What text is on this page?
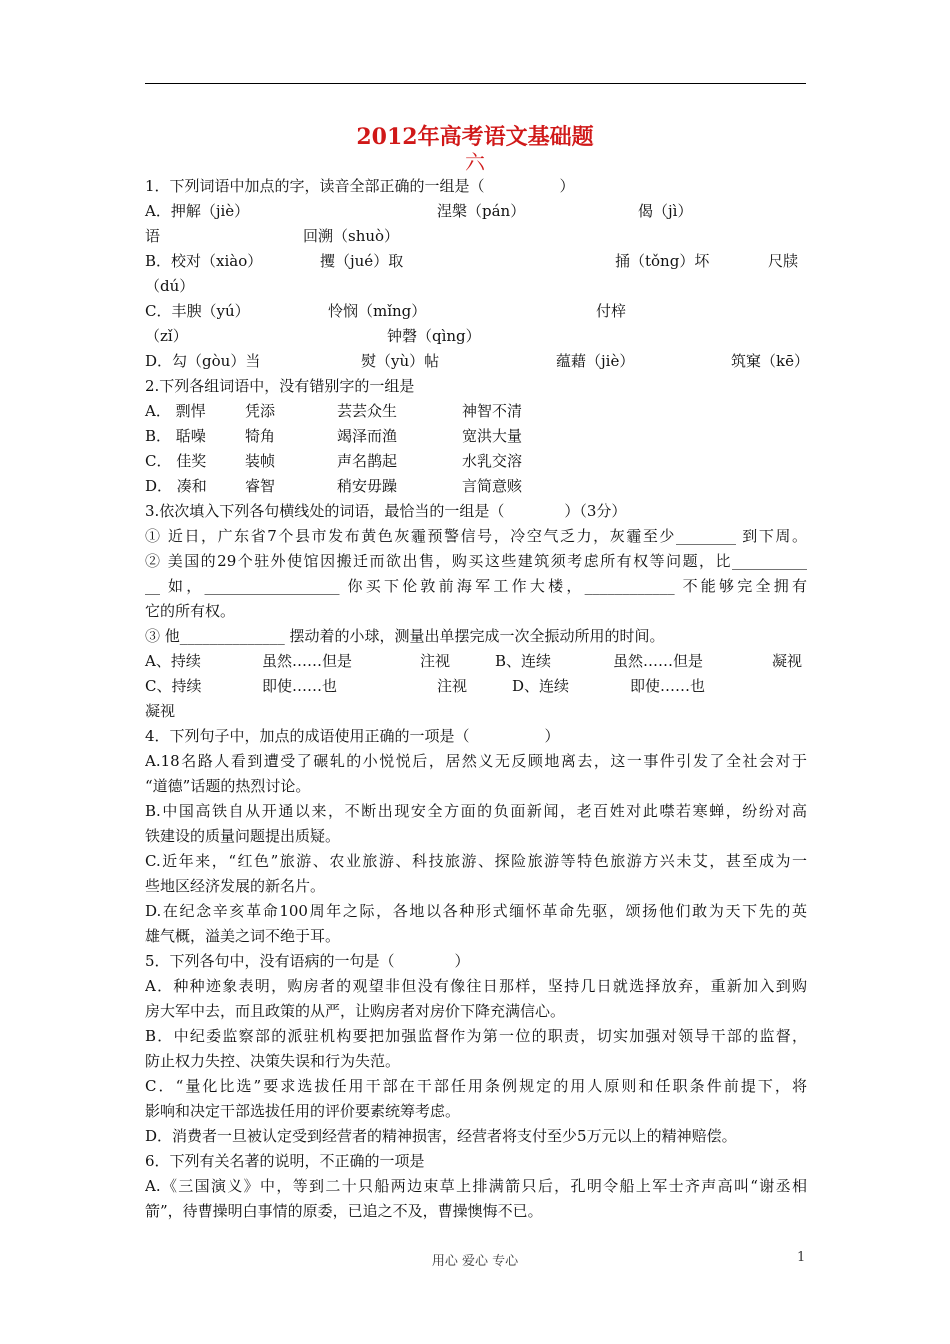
2012年高考语文基础题
六
1．下列词语中加点的字，读音全部正确的一组是（　　　　　）
A．押解（jiè）	涅槃（pán）	偈（jì）
语	回溯（shuò）
B．校对（xiào）	攫（jué）取	捅（tǒng）坏	尺牍
（dú）
C．丰腴（yú）	怜悯（mǐng）	付梓
（zǐ）	钟磬（qìng）
D．勾（gòu）当	熨（yù）帖	蕴藉（jiè）	筑窠（kē）
2.下列各组词语中，没有错别字的一组是
A． 剽悍	凭添	芸芸众生	神智不清
B． 聒噪	犄角	竭泽而渔	宽洪大量
C． 佳奖	装帧	声名鹊起	水乳交溶
D． 凑和	睿智	稍安毋躁	言简意赅
3.依次填入下列各句横线处的词语，最恰当的一组是（　　　　）（3分）
① 近日，广东省7个县市发布黄色灰霾预警信号，冷空气乏力，灰霾至少________ 到下周。
② 美国的29个驻外使馆因搬迁而欲出售，购买这些建筑须考虑所有权等问题，比__________
__ 如，__________________ 你买下伦敦前海军工作大楼，____________ 不能够完全拥有
它的所有权。
③ 他______________ 摆动着的小球，测量出单摆完成一次全振动所用的时间。
A、持续	虽然……但是	注视	B、连续	虽然……但是	凝视
C、持续	即使……也	注视	D、连续	即使……也
凝视
4．下列句子中，加点的成语使用正确的一项是（　　　　　）
A.18名路人看到遭受了碾轧的小悦悦后，居然义无反顾地离去，这一事件引发了全社会对于
“道德”话题的热烈讨论。
B.中国高铁自从开通以来，不断出现安全方面的负面新闻，老百姓对此噤若寒蝉，纷纷对高
铁建设的质量问题提出质疑。
C.近年来，“红色”旅游、农业旅游、科技旅游、探险旅游等特色旅游方兴未艾，甚至成为一
些地区经济发展的新名片。
D.在纪念辛亥革命100周年之际，各地以各种形式缅怀革命先驱，颂扬他们敢为天下先的英
雄气概，溢美之词不绝于耳。
5．下列各句中，没有语病的一句是（　　　　）
A．种种迹象表明，购房者的观望非但没有像往日那样，坚持几日就选择放弃，重新加入到购
房大军中去，而且政策的从严，让购房者对房价下降充满信心。
B．中纪委监察部的派驻机构要把加强监督作为第一位的职责，切实加强对领导干部的监督，
防止权力失控、决策失误和行为失范。
C．“量化比选”要求选拔任用干部在干部任用条例规定的用人原则和任职条件前提下，将
影响和决定干部选拔任用的评价要素统筹考虑。
D．消费者一旦被认定受到经营者的精神损害，经营者将支付至少5万元以上的精神赔偿。
6．下列有关名著的说明，不正确的一项是
A.《三国演义》中，等到二十只船两边束草上排满箭只后，孔明令船上军士齐声高叫“谢丞相
箭”，待曹操明白事情的原委，已追之不及，曹操懊悔不已。
用心 爱心 专心	1
